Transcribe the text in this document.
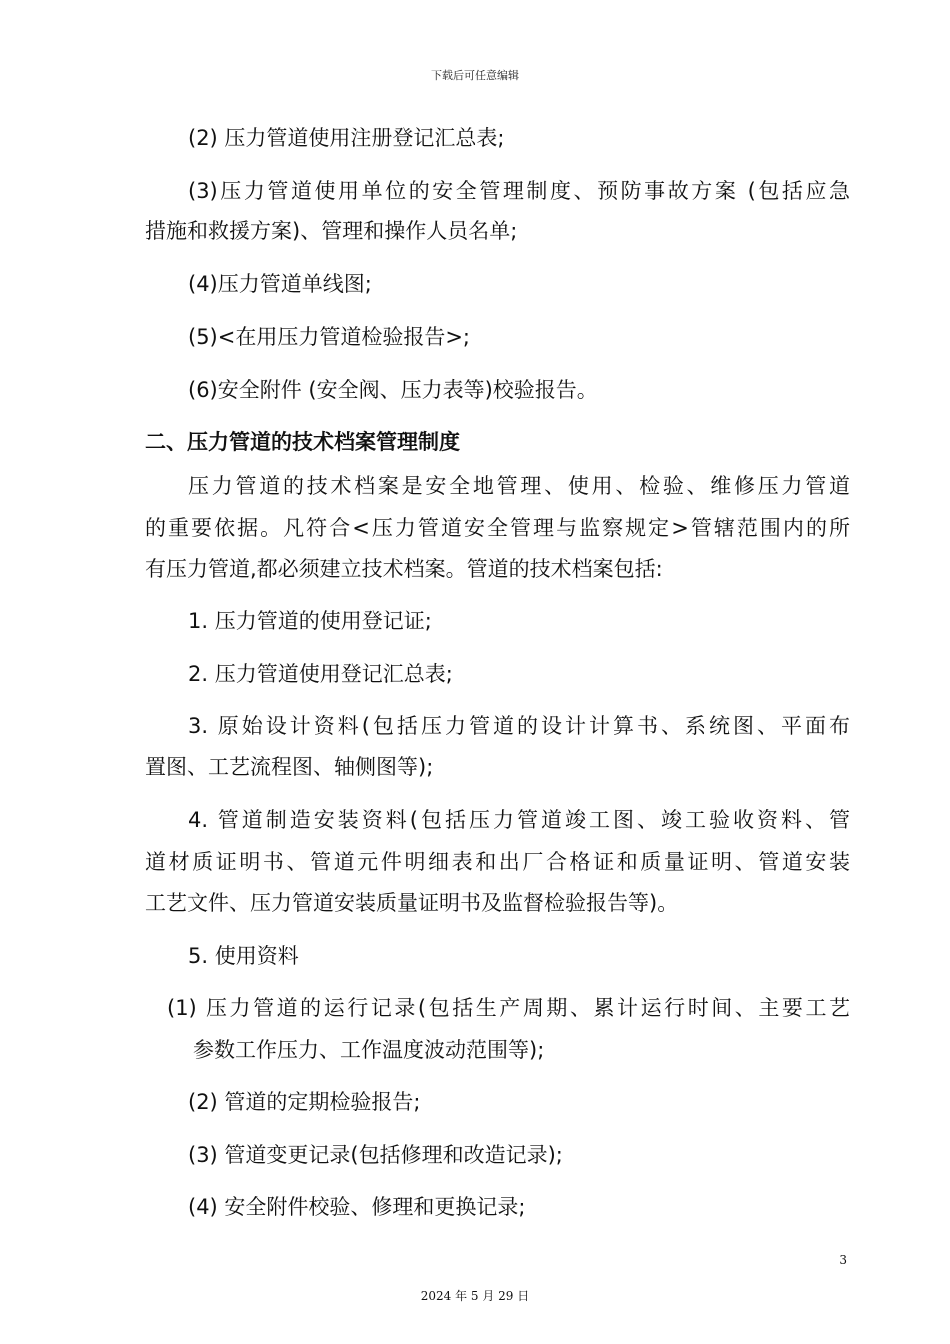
下载后可任意编辑
(2) 压力管道使用注册登记汇总表;
(3)压力管道使用单位的安全管理制度、预防事故方案 (包括应急
措施和救援方案)、管理和操作人员名单;
(4)压力管道单线图;
(5)<在用压力管道检验报告>;
(6)安全附件 (安全阀、压力表等)校验报告。
二、压力管道的技术档案管理制度
压力管道的技术档案是安全地管理、使用、检验、维修压力管道
的重要依据。凡符合<压力管道安全管理与监察规定>管辖范围内的所
有压力管道,都必须建立技术档案。管道的技术档案包括:
1. 压力管道的使用登记证;
2. 压力管道使用登记汇总表;
3. 原始设计资料(包括压力管道的设计计算书、系统图、平面布
置图、工艺流程图、轴侧图等);
4. 管道制造安装资料(包括压力管道竣工图、竣工验收资料、管
道材质证明书、管道元件明细表和出厂合格证和质量证明、管道安装
工艺文件、压力管道安装质量证明书及监督检验报告等)。
5. 使用资料
(1) 压力管道的运行记录(包括生产周期、累计运行时间、主要工艺
参数工作压力、工作温度波动范围等);
(2) 管道的定期检验报告;
(3) 管道变更记录(包括修理和改造记录);
(4) 安全附件校验、修理和更换记录;
3
2024 年 5 月 29 日
